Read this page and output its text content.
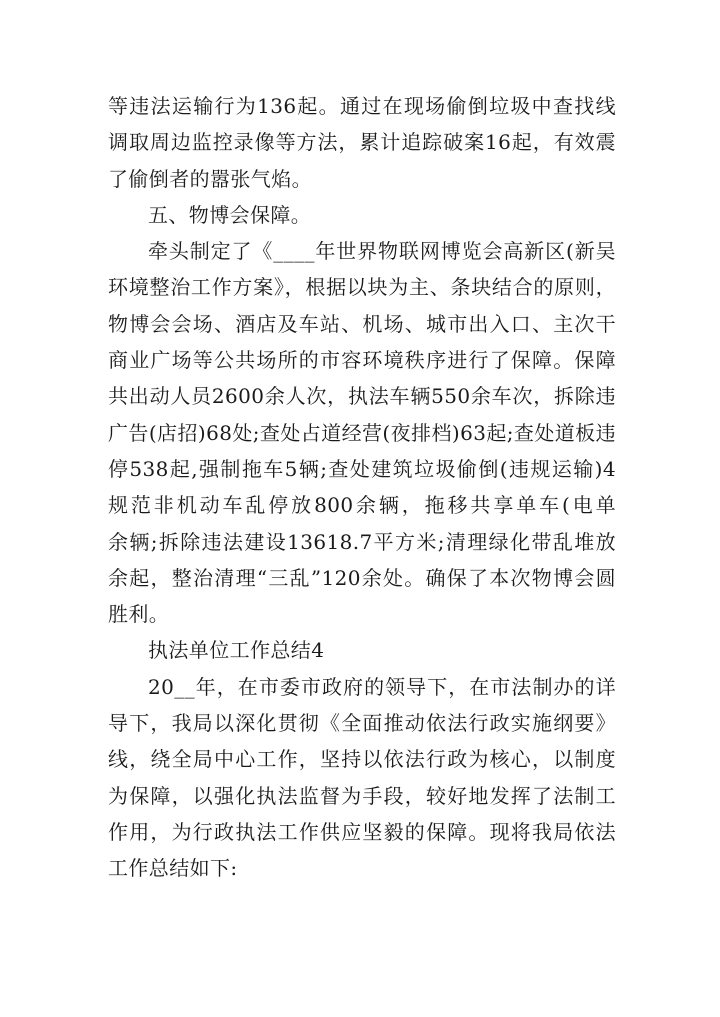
等违法运输行为136起。通过在现场偷倒垃圾中查找线
调取周边监控录像等方法，累计追踪破案16起，有效震
了偷倒者的嚣张气焰。
五、物博会保障。
牵头制定了《____年世界物联网博览会高新区(新吴
环境整治工作方案》，根据以块为主、条块结合的原则，
物博会会场、酒店及车站、机场、城市出入口、主次干
商业广场等公共场所的市容环境秩序进行了保障。保障
共出动人员2600余人次，执法车辆550余车次，拆除违
广告(店招)68处;查处占道经营(夜排档)63起;查处道板违
停538起,强制拖车5辆;查处建筑垃圾偷倒(违规运输)4
规范非机动车乱停放800余辆，拖移共享单车(电单
余辆;拆除违法建设13618.7平方米;清理绿化带乱堆放
余起，整治清理“三乱”120余处。确保了本次物博会圆
胜利。
执法单位工作总结4
20__年，在市委市政府的领导下，在市法制办的详
导下，我局以深化贯彻《全面推动依法行政实施纲要》
线，绕全局中心工作，坚持以依法行政为核心，以制度
为保障，以强化执法监督为手段，较好地发挥了法制工
作用，为行政执法工作供应坚毅的保障。现将我局依法
工作总结如下:
